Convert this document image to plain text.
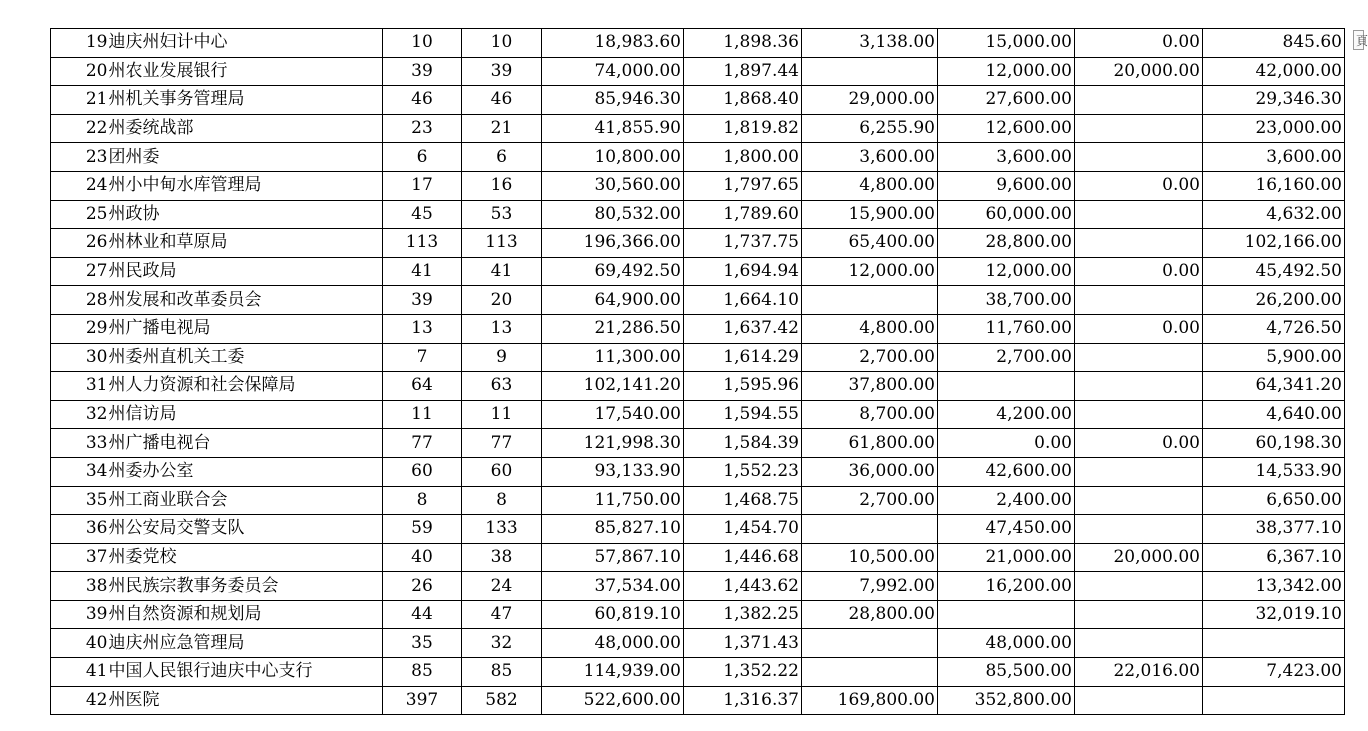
19	迪庆州妇计中心	10	10	18,983.60	1,898.36	3,138.00	15,000.00	0.00	845.60
20	州农业发展银行	39	39	74,000.00	1,897.44		12,000.00	20,000.00	42,000.00
21	州机关事务管理局	46	46	85,946.30	1,868.40	29,000.00	27,600.00		29,346.30
22	州委统战部	23	21	41,855.90	1,819.82	6,255.90	12,600.00		23,000.00
23	团州委	6	6	10,800.00	1,800.00	3,600.00	3,600.00		3,600.00
24	州小中甸水库管理局	17	16	30,560.00	1,797.65	4,800.00	9,600.00	0.00	16,160.00
25	州政协	45	53	80,532.00	1,789.60	15,900.00	60,000.00		4,632.00
26	州林业和草原局	113	113	196,366.00	1,737.75	65,400.00	28,800.00		102,166.00
27	州民政局	41	41	69,492.50	1,694.94	12,000.00	12,000.00	0.00	45,492.50
28	州发展和改革委员会	39	20	64,900.00	1,664.10		38,700.00		26,200.00
29	州广播电视局	13	13	21,286.50	1,637.42	4,800.00	11,760.00	0.00	4,726.50
30	州委州直机关工委	7	9	11,300.00	1,614.29	2,700.00	2,700.00		5,900.00
31	州人力资源和社会保障局	64	63	102,141.20	1,595.96	37,800.00			64,341.20
32	州信访局	11	11	17,540.00	1,594.55	8,700.00	4,200.00		4,640.00
33	州广播电视台	77	77	121,998.30	1,584.39	61,800.00	0.00	0.00	60,198.30
34	州委办公室	60	60	93,133.90	1,552.23	36,000.00	42,600.00		14,533.90
35	州工商业联合会	8	8	11,750.00	1,468.75	2,700.00	2,400.00		6,650.00
36	州公安局交警支队	59	133	85,827.10	1,454.70		47,450.00		38,377.10
37	州委党校	40	38	57,867.10	1,446.68	10,500.00	21,000.00	20,000.00	6,367.10
38	州民族宗教事务委员会	26	24	37,534.00	1,443.62	7,992.00	16,200.00		13,342.00
39	州自然资源和规划局	44	47	60,819.10	1,382.25	28,800.00			32,019.10
40	迪庆州应急管理局	35	32	48,000.00	1,371.43		48,000.00		
41	中国人民银行迪庆中心支行	85	85	114,939.00	1,352.22		85,500.00	22,016.00	7,423.00
42	州医院	397	582	522,600.00	1,316.37	169,800.00	352,800.00		
頁
